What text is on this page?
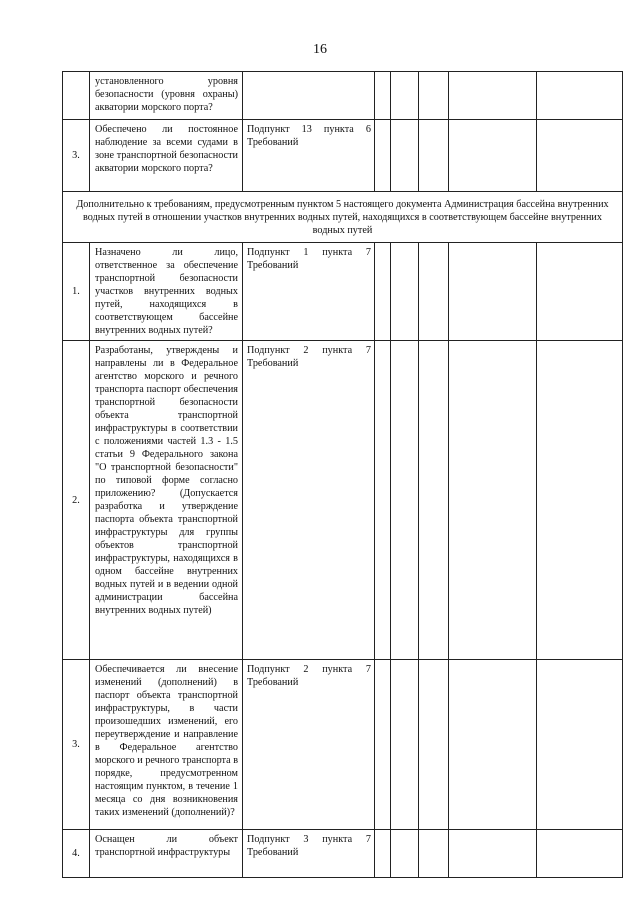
16
	установленного уровня безопасности (уровня охраны) акватории морского порта?						
3.	Обеспечено ли постоянное наблюдение за всеми судами в зоне транспортной безопасности акватории морского порта?	Подпункт 13 пункта 6 Требований					
Дополнительно к требованиям, предусмотренным пунктом 5 настоящего документа Администрация бассейна внутренних водных путей в отношении участков внутренних водных путей, находящихся в соответствующем бассейне внутренних водных путей							
1.	Назначено ли лицо, ответственное за обеспечение транспортной безопасности участков внутренних водных путей, находящихся в соответствующем бассейне внутренних водных путей?	Подпункт 1 пункта 7 Требований					
2.	Разработаны, утверждены и направлены ли в Федеральное агентство морского и речного транспорта паспорт обеспечения транспортной безопасности объекта транспортной инфраструктуры в соответствии с положениями частей 1.3 - 1.5 статьи 9 Федерального закона "О транспортной безопасности" по типовой форме согласно приложению? (Допускается разработка и утверждение паспорта объекта транспортной инфраструктуры для группы объектов транспортной инфраструктуры, находящихся в одном бассейне внутренних водных путей и в ведении одной администрации бассейна внутренних водных путей)	Подпункт 2 пункта 7 Требований					
3.	Обеспечивается ли внесение изменений (дополнений) в паспорт объекта транспортной инфраструктуры, в части произошедших изменений, его переутверждение и направление в Федеральное агентство морского и речного транспорта в порядке, предусмотренном настоящим пунктом, в течение 1 месяца со дня возникновения таких изменений (дополнений)?	Подпункт 2 пункта 7 Требований					
4.	Оснащен ли объект транспортной инфраструктуры	Подпункт 3 пункта 7 Требований					
